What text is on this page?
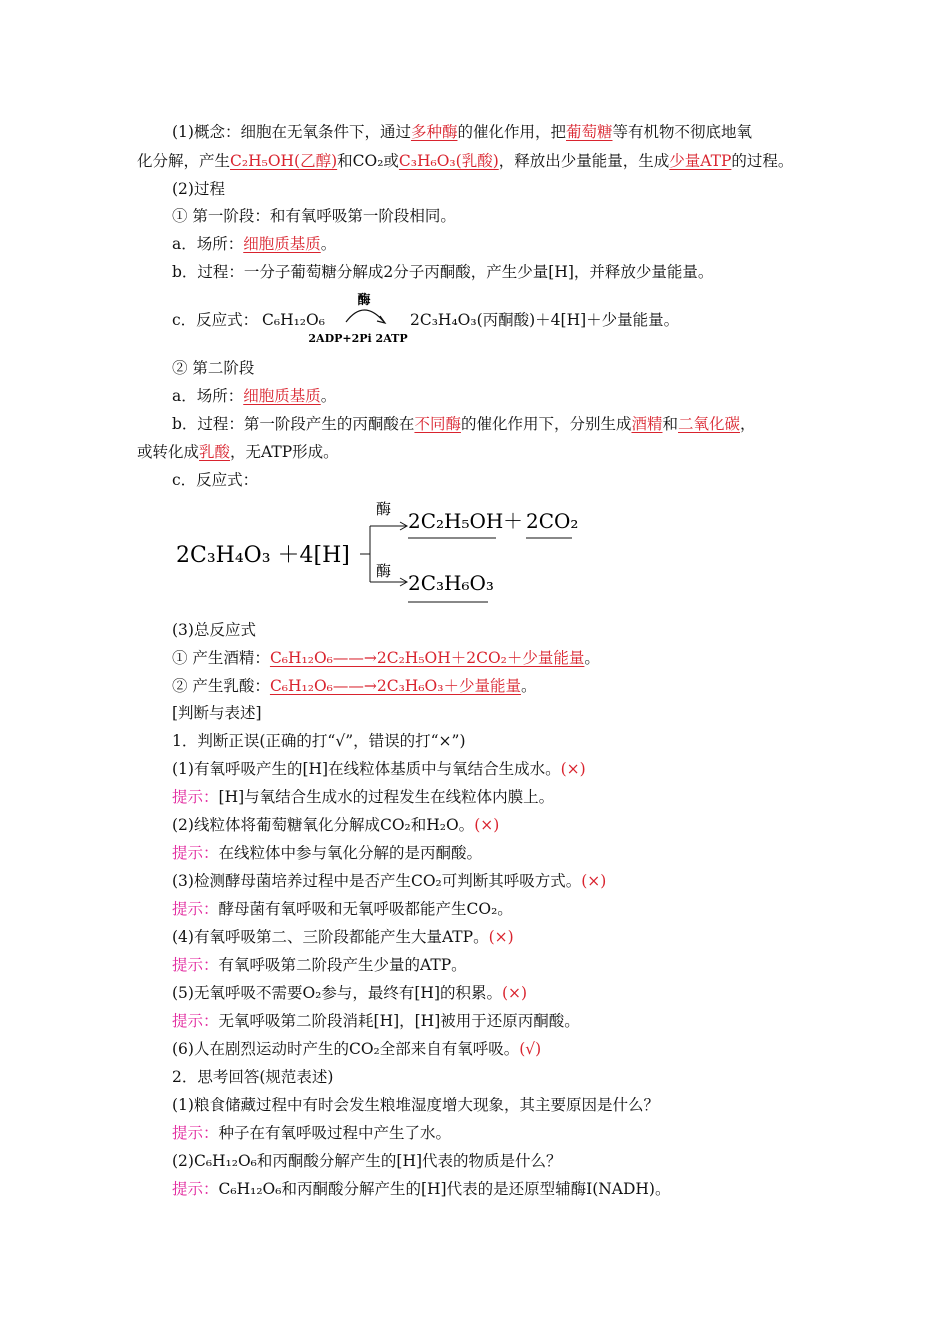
(1)概念：细胞在无氧条件下，通过多种酶的催化作用，把葡萄糖等有机物不彻底地氧
化分解，产生C₂H₅OH(乙醇)和CO₂或C₃H₆O₃(乳酸)，释放出少量能量，生成少量ATP的过程。
(2)过程
① 第一阶段：和有氧呼吸第一阶段相同。
a．场所：细胞质基质。
b．过程：一分子葡萄糖分解成2分子丙酮酸，产生少量[H]，并释放少量能量。
c．反应式： C₆H₁₂O₆
酶
2ADP+2Pi 2ATP
2C₃H₄O₃(丙酮酸)＋4[H]＋少量能量。
② 第二阶段
a．场所：细胞质基质。
b．过程：第一阶段产生的丙酮酸在不同酶的催化作用下，分别生成酒精和二氧化碳，
或转化成乳酸，无ATP形成。
c．反应式：
2C₃H₄O₃ ＋4[H]
酶
酶
2C₂H₅OH ＋ 2CO₂
2C₃H₆O₃
(3)总反应式
① 产生酒精：C₆H₁₂O₆——→2C₂H₅OH＋2CO₂＋少量能量。
② 产生乳酸：C₆H₁₂O₆——→2C₃H₆O₃＋少量能量。
[判断与表述]
1．判断正误(正确的打“√”，错误的打“×”)
(1)有氧呼吸产生的[H]在线粒体基质中与氧结合生成水。(×)
提示：[H]与氧结合生成水的过程发生在线粒体内膜上。
(2)线粒体将葡萄糖氧化分解成CO₂和H₂O。(×)
提示：在线粒体中参与氧化分解的是丙酮酸。
(3)检测酵母菌培养过程中是否产生CO₂可判断其呼吸方式。(×)
提示：酵母菌有氧呼吸和无氧呼吸都能产生CO₂。
(4)有氧呼吸第二、三阶段都能产生大量ATP。(×)
提示：有氧呼吸第二阶段产生少量的ATP。
(5)无氧呼吸不需要O₂参与，最终有[H]的积累。(×)
提示：无氧呼吸第二阶段消耗[H]，[H]被用于还原丙酮酸。
(6)人在剧烈运动时产生的CO₂全部来自有氧呼吸。(√)
2．思考回答(规范表述)
(1)粮食储藏过程中有时会发生粮堆湿度增大现象，其主要原因是什么？
提示：种子在有氧呼吸过程中产生了水。
(2)C₆H₁₂O₆和丙酮酸分解产生的[H]代表的物质是什么？
提示：C₆H₁₂O₆和丙酮酸分解产生的[H]代表的是还原型辅酶Ⅰ(NADH)。
